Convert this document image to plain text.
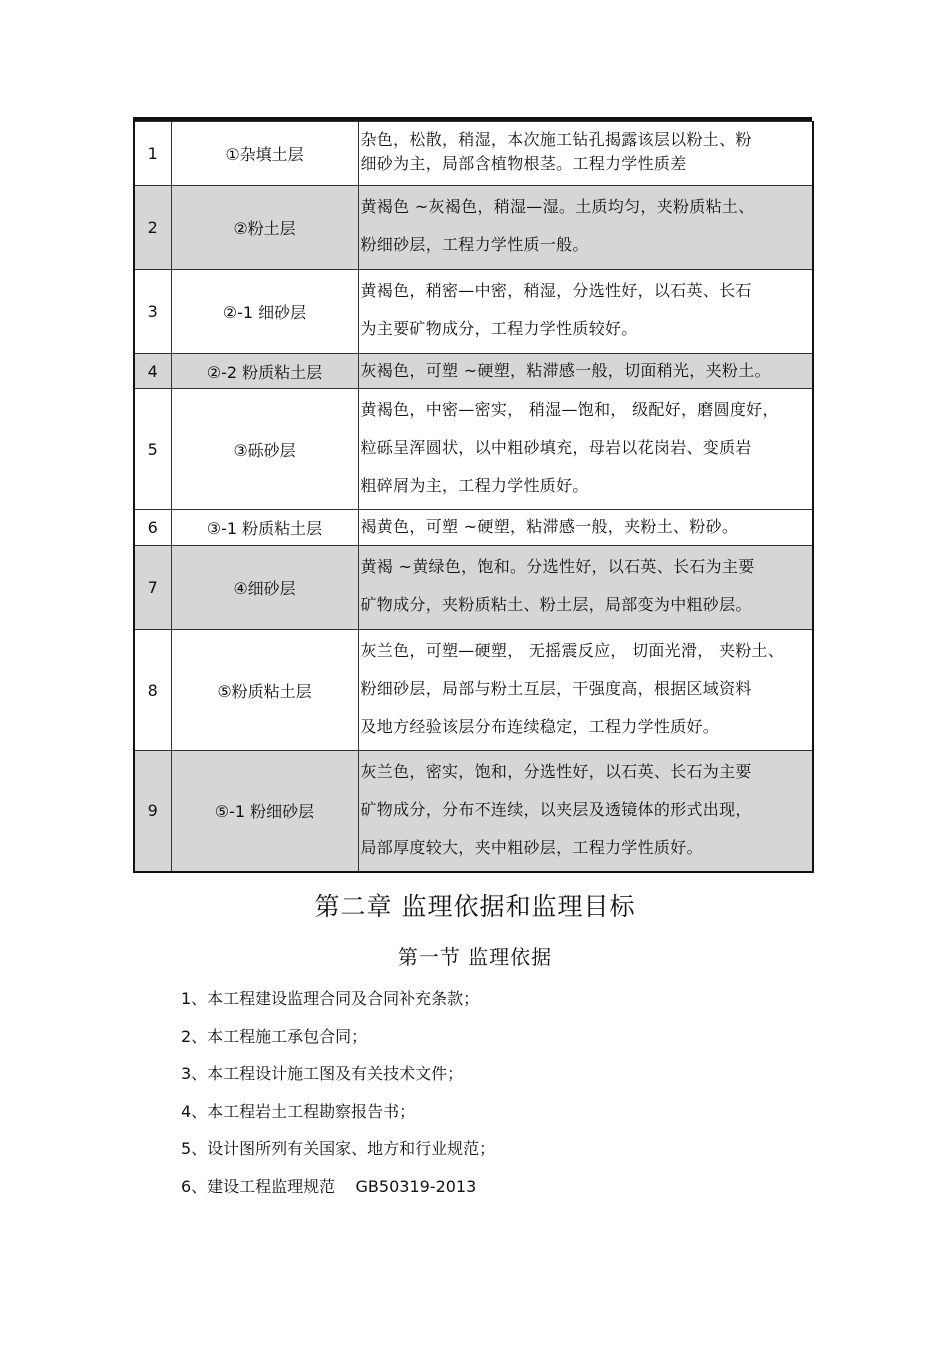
1	①杂填土层	杂色，松散，稍湿，本次施工钻孔揭露该层以粉土、粉
细砂为主，局部含植物根茎。工程力学性质差

2	②粉土层	黄褐色 ~灰褐色，稍湿—湿。土质均匀，夹粉质粘土、
粉细砂层，工程力学性质一般。

3	②-1 细砂层	黄褐色，稍密—中密，稍湿，分选性好，以石英、长石
为主要矿物成分，工程力学性质较好。

4	②-2 粉质粘土层	灰褐色，可塑 ~硬塑，粘滞感一般，切面稍光，夹粉土。

5	③砾砂层	黄褐色，中密—密实， 稍湿—饱和， 级配好，磨圆度好，
粒砾呈浑圆状，以中粗砂填充，母岩以花岗岩、变质岩
粗碎屑为主，工程力学性质好。

6	③-1 粉质粘土层	褐黄色，可塑 ~硬塑，粘滞感一般，夹粉土、粉砂。

7	④细砂层	黄褐 ~黄绿色，饱和。分选性好，以石英、长石为主要
矿物成分，夹粉质粘土、粉土层，局部变为中粗砂层。

8	⑤粉质粘土层	灰兰色，可塑—硬塑， 无摇震反应， 切面光滑， 夹粉土、
粉细砂层，局部与粉土互层，干强度高，根据区域资料
及地方经验该层分布连续稳定，工程力学性质好。

9	⑤-1 粉细砂层	灰兰色，密实，饱和，分选性好，以石英、长石为主要
矿物成分，分布不连续，以夹层及透镜体的形式出现，
局部厚度较大，夹中粗砂层，工程力学性质好。
第二章 监理依据和监理目标
第一节 监理依据
1、本工程建设监理合同及合同补充条款；
2、本工程施工承包合同；
3、本工程设计施工图及有关技术文件；
4、本工程岩土工程勘察报告书；
5、设计图所列有关国家、地方和行业规范；
6、建设工程监理规范    GB50319-2013
